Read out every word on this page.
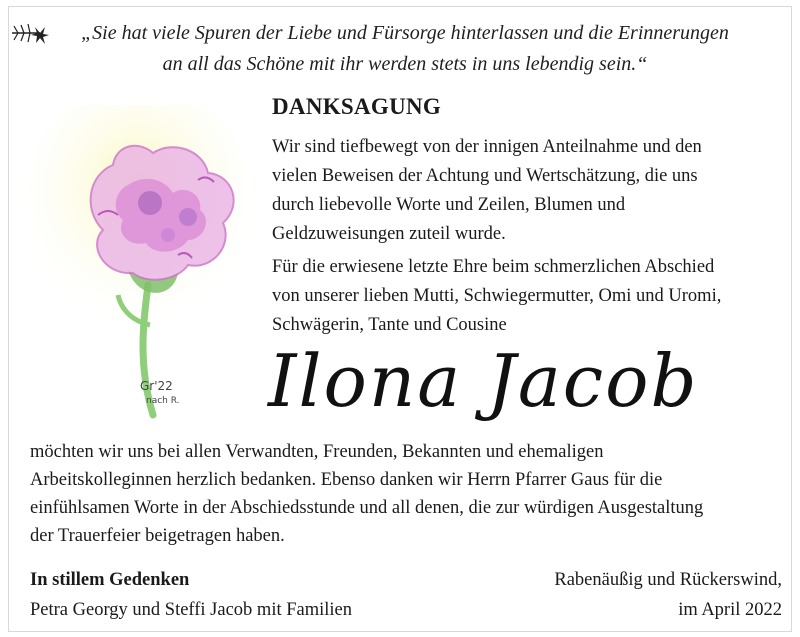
„Sie hat viele Spuren der Liebe und Fürsorge hinterlassen und die Erinnerungen
an all das Schöne mit ihr werden stets in uns lebendig sein.“
Gr'22
nach R.
DANKSAGUNG
Wir sind tiefbewegt von der innigen Anteilnahme und den
vielen Beweisen der Achtung und Wertschätzung, die uns
durch liebevolle Worte und Zeilen, Blumen und
Geldzuweisungen zuteil wurde.
Für die erwiesene letzte Ehre beim schmerzlichen Abschied
von unserer lieben Mutti, Schwiegermutter, Omi und Uromi,
Schwägerin, Tante und Cousine
Ilona Jacob
möchten wir uns bei allen Verwandten, Freunden, Bekannten und ehemaligen
Arbeitskolleginnen herzlich bedanken. Ebenso danken wir Herrn Pfarrer Gaus für die
einfühlsamen Worte in der Abschiedsstunde und all denen, die zur würdigen Ausgestaltung
der Trauerfeier beigetragen haben.
In stillem Gedenken
Petra Georgy und Steffi Jacob mit Familien
Rabenäußig und Rückerswind,
im April 2022
